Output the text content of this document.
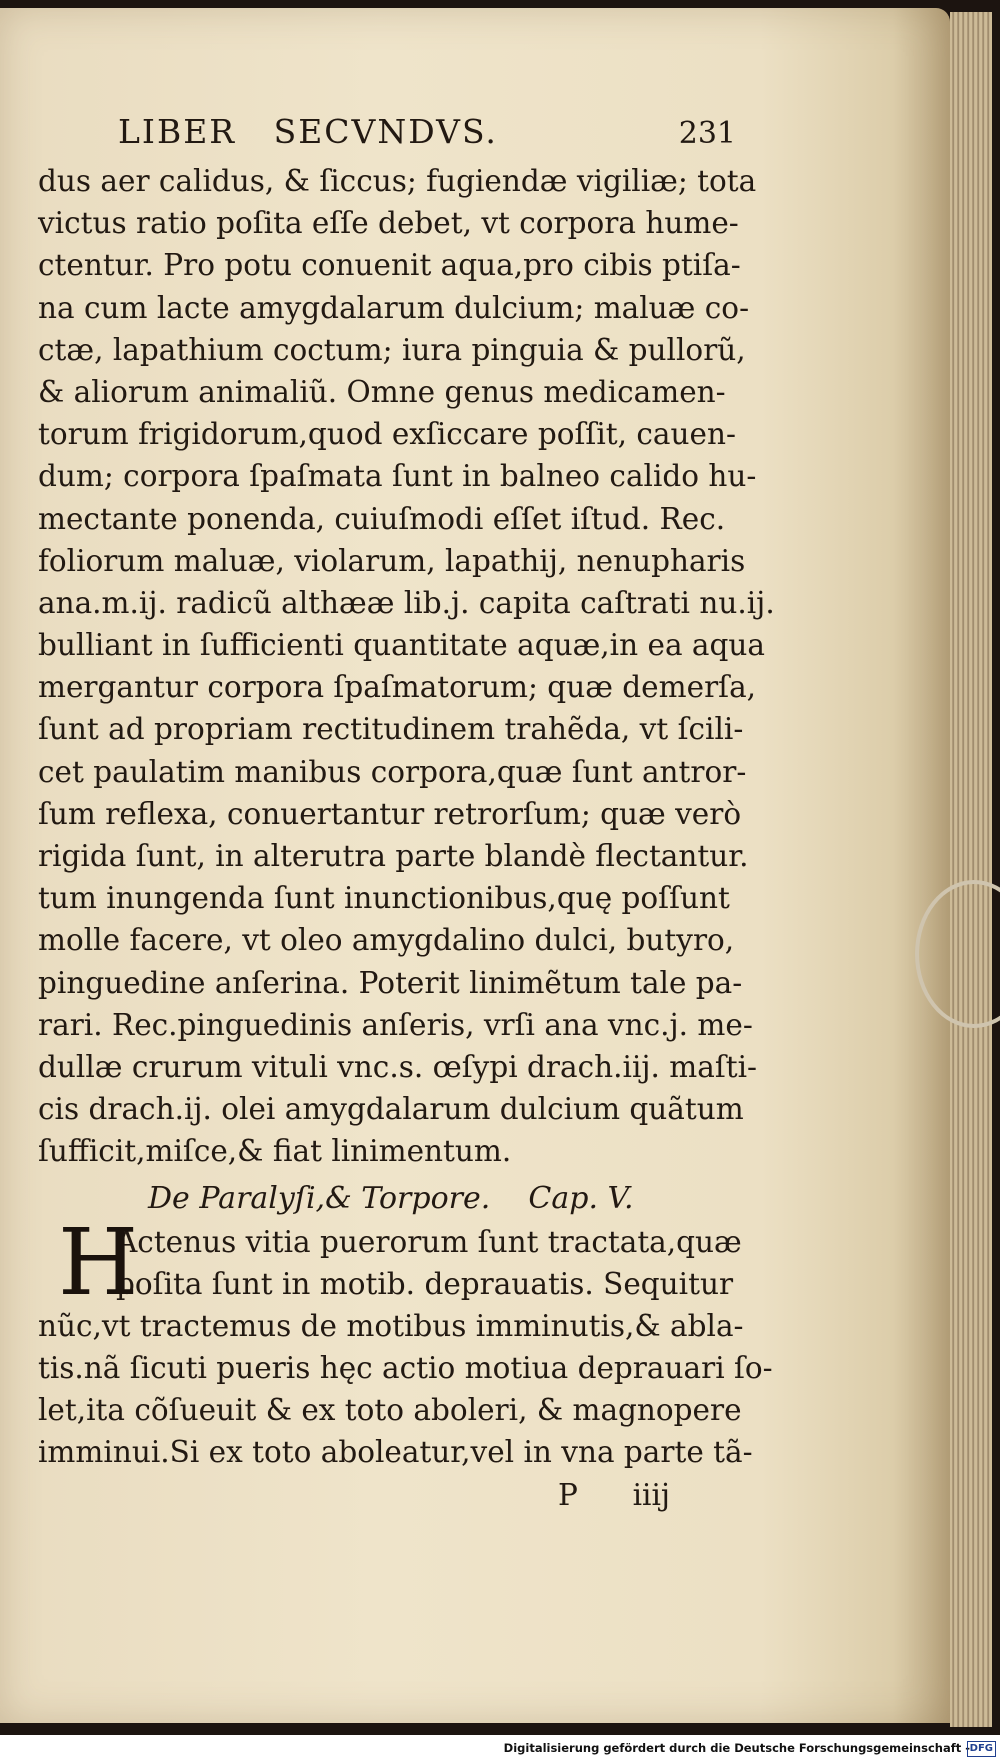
LIBER   SECVNDVS.	231
dus aer calidus, & ſiccus; fugiendæ vigiliæ; tota
victus ratio poſita eſſe debet, vt corpora hume-
ctentur. Pro potu conuenit aqua,pro cibis ptiſa-
na cum lacte amygdalarum dulcium; maluæ co-
ctæ, lapathium coctum; iura pinguia & pullorũ,
& aliorum animaliũ. Omne genus medicamen-
torum frigidorum,quod exſiccare poſſit, cauen-
dum; corpora ſpaſmata ſunt in balneo calido hu-
mectante ponenda, cuiuſmodi eſſet iſtud. Rec.
foliorum maluæ, violarum, lapathij, nenupharis
ana.m.ij. radicũ althææ lib.j. capita caſtrati nu.ij.
bulliant in ſufficienti quantitate aquæ,in ea aqua
mergantur corpora ſpaſmatorum; quæ demerſa,
ſunt ad propriam rectitudinem trahẽda, vt ſcili-
cet paulatim manibus corpora,quæ ſunt antror-
ſum reflexa, conuertantur retrorſum; quæ verò
rigida ſunt, in alterutra parte blandè flectantur.
tum inungenda ſunt inunctionibus,quę poſſunt
molle facere, vt oleo amygdalino dulci, butyro,
pinguedine anſerina. Poterit linimẽtum tale pa-
rari. Rec.pinguedinis anſeris, vrſi ana vnc.j. me-
dullæ crurum vituli vnc.s. œſypi drach.iij. maſti-
cis drach.ij. olei amygdalarum dulcium quãtum
ſufficit,miſce,& fiat linimentum.
De Paralyſi,& Torpore.    Cap. V.
H
Actenus vitia puerorum ſunt tractata,quæ
poſita ſunt in motib. deprauatis. Sequitur
nũc,vt tractemus de motibus imminutis,& abla-
tis.nã ſicuti pueris hęc actio motiua deprauari ſo-
let,ita cõſueuit & ex toto aboleri, & magnopere
imminui.Si ex toto aboleatur,vel in vna parte tã-
P  iiij
Digitalisierung gefördert durch die Deutsche Forschungsgemeinschaft - DFG
